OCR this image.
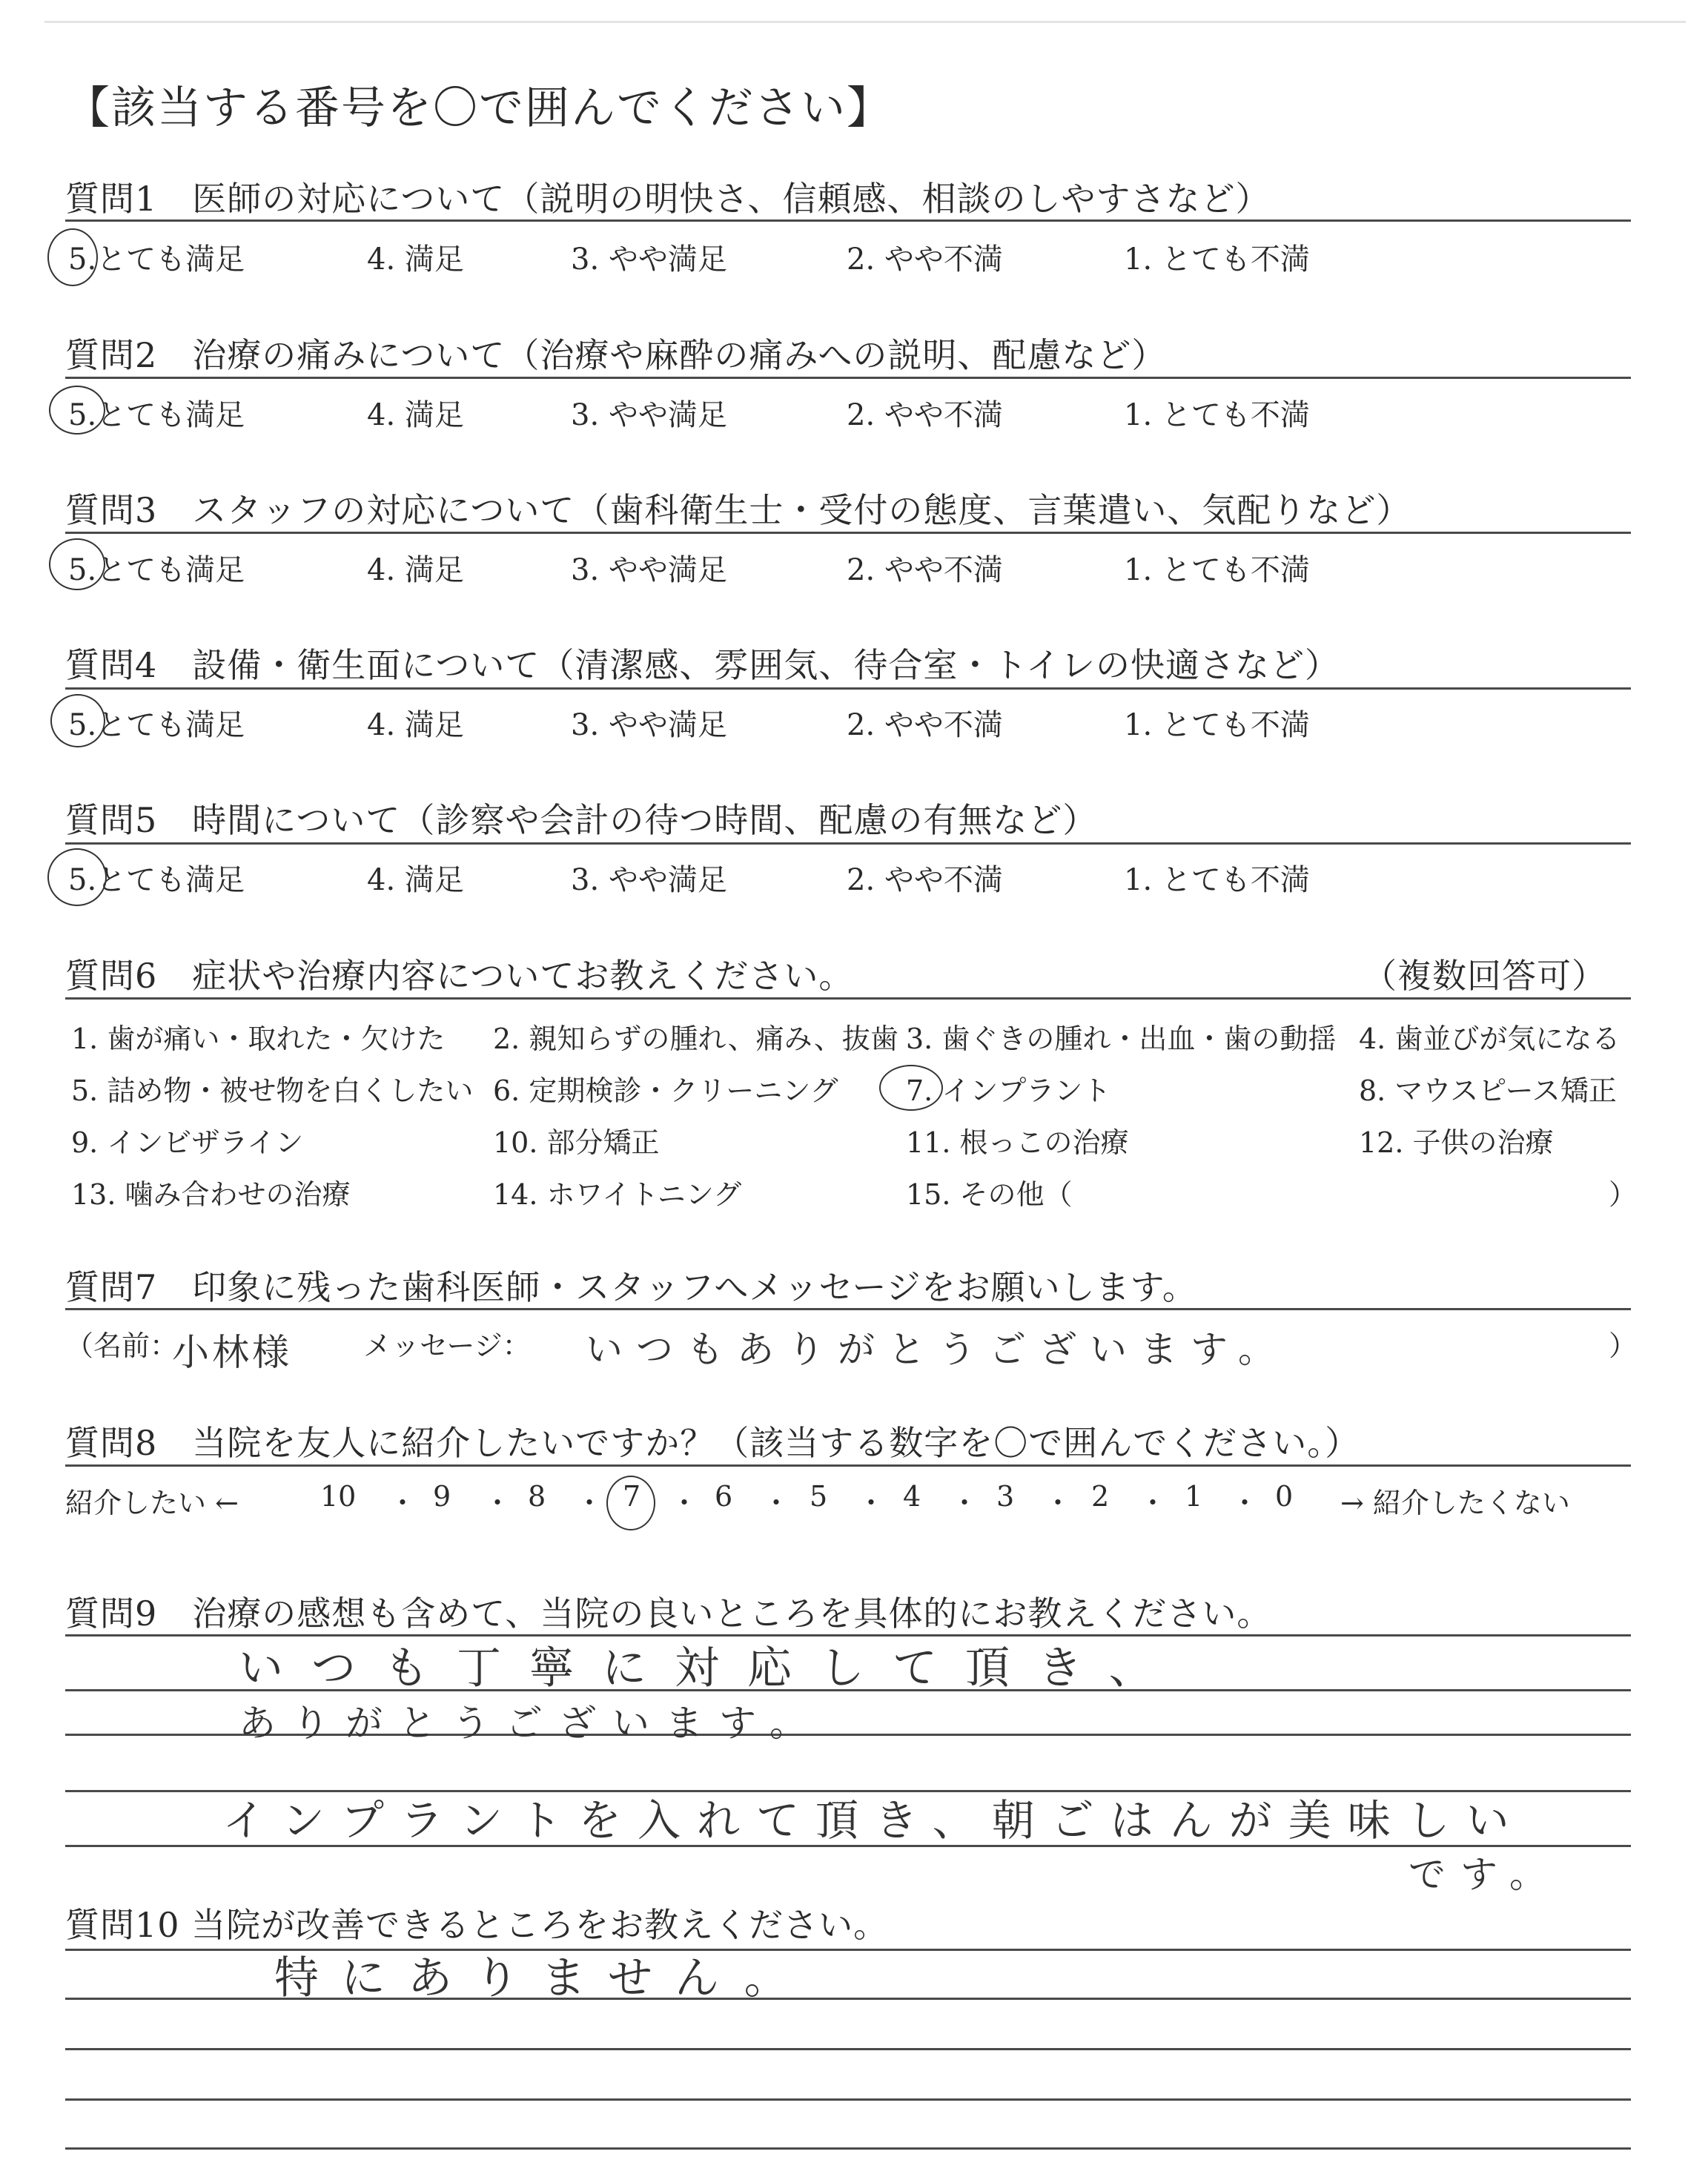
【該当する番号を〇で囲んでください】
質問1　医師の対応について（説明の明快さ、信頼感、相談のしやすさなど）
5.とても満足	4. 満足	3. やや満足	2. やや不満	1. とても不満
質問2　治療の痛みについて（治療や麻酔の痛みへの説明、配慮など）
5.とても満足	4. 満足	3. やや満足	2. やや不満	1. とても不満
質問3　スタッフの対応について（歯科衛生士・受付の態度、言葉遣い、気配りなど）
5.とても満足	4. 満足	3. やや満足	2. やや不満	1. とても不満
質問4　設備・衛生面について（清潔感、雰囲気、待合室・トイレの快適さなど）
5.とても満足	4. 満足	3. やや満足	2. やや不満	1. とても不満
質問5　時間について（診察や会計の待つ時間、配慮の有無など）
5.とても満足	4. 満足	3. やや満足	2. やや不満	1. とても不満
質問6　症状や治療内容についてお教えください。	（複数回答可）
1. 歯が痛い・取れた・欠けた 2. 親知らずの腫れ、痛み、抜歯 3. 歯ぐきの腫れ・出血・歯の動揺 4. 歯並びが気になる
5. 詰め物・被せ物を白くしたい 6. 定期検診・クリーニング 7. インプラント	8. マウスピース矯正
9. インビザライン	10. 部分矯正	11. 根っこの治療	12. 子供の治療
13. 噛み合わせの治療	14. ホワイトニング	15. その他（	）
質問7　印象に残った歯科医師・スタッフへメッセージをお願いします。
（名前：
小林様	メッセージ： いつもありがとうございます。	）
質問8　当院を友人に紹介したいですか？（該当する数字を〇で囲んでください。）
紹介したい ←	10 ・ 9 ・ 8 ・ 7 ・ 6 ・ 5 ・ 4 ・ 3 ・ 2 ・ 1 ・ 0 → 紹介したくない
質問9　治療の感想も含めて、当院の良いところを具体的にお教えください。
いつも丁寧に対応して頂き、
ありがとうございます。
インプラントを入れて頂き、朝ごはんが美味しい
です。
質問10 当院が改善できるところをお教えください。
特にありません。
